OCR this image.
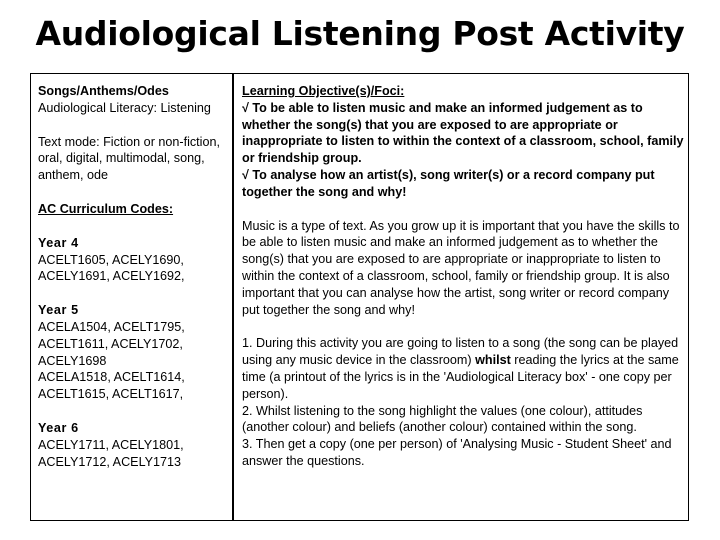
Audiological Listening Post Activity

Songs/Anthems/Odes

Audiological Literacy: Listening

Text mode: Fiction or non-fiction, oral, digital, multimodal, song, anthem, ode

AC Curriculum Codes:

Year 4

ACELT1605, ACELY1690, ACELY1691, ACELY1692,

Year 5

ACELA1504, ACELT1795, ACELT1611, ACELY1702, ACELY1698

ACELA1518, ACELT1614, ACELT1615, ACELT1617,

Year 6

ACELY1711, ACELY1801, ACELY1712, ACELY1713

Learning Objective(s)/Foci:

√ To be able to listen music and make an informed judgement as to whether the song(s) that you are exposed to are appropriate or inappropriate to listen to within the context of a classroom, school, family or friendship group.

√ To analyse how an artist(s), song writer(s) or a record company put together the song and why!

Music is a type of text. As you grow up it is important that you have the skills to be able to listen music and make an informed judgement as to whether the song(s) that you are exposed to are appropriate or inappropriate to listen to within the context of a classroom, school, family or friendship group. It is also important that you can analyse how the artist, song writer or record company put together the song and why!

1. During this activity you are going to listen to a song (the song can be played using any music device in the classroom) whilst reading the lyrics at the same time (a printout of the lyrics is in the 'Audiological Literacy box' - one copy per person).

2. Whilst listening to the song highlight the values (one colour), attitudes (another colour) and beliefs (another colour) contained within the song.

3. Then get a copy (one per person) of 'Analysing Music - Student Sheet' and answer the questions.
